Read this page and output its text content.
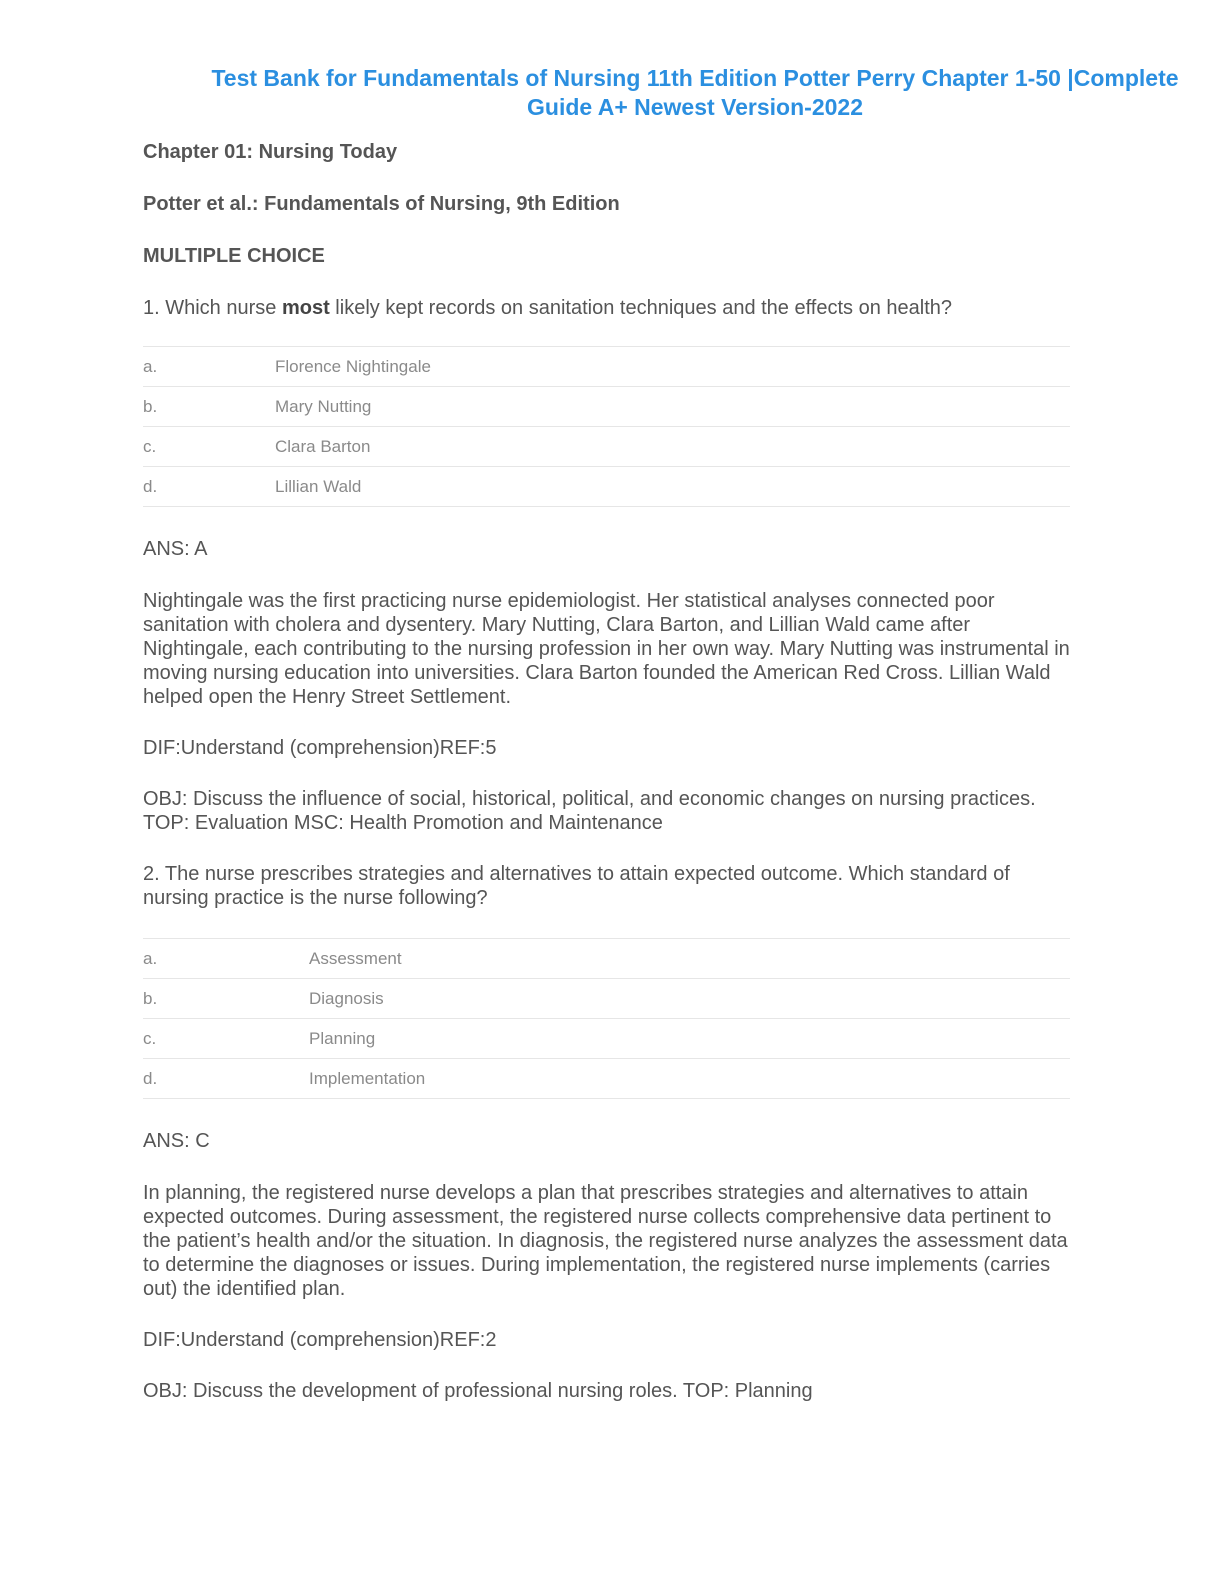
Test Bank for Fundamentals of Nursing 11th Edition Potter Perry Chapter 1-50 |Complete Guide A+ Newest Version-2022

Chapter 01: Nursing Today

Potter et al.: Fundamentals of Nursing, 9th Edition

MULTIPLE CHOICE

1. Which nurse most likely kept records on sanitation techniques and the effects on health?

a.	Florence Nightingale
b.	Mary Nutting
c.	Clara Barton
d.	Lillian Wald

ANS: A

Nightingale was the first practicing nurse epidemiologist. Her statistical analyses connected poor sanitation with cholera and dysentery. Mary Nutting, Clara Barton, and Lillian Wald came after Nightingale, each contributing to the nursing profession in her own way. Mary Nutting was instrumental in moving nursing education into universities. Clara Barton founded the American Red Cross. Lillian Wald helped open the Henry Street Settlement.

DIF:Understand (comprehension)REF:5

OBJ: Discuss the influence of social, historical, political, and economic changes on nursing practices. TOP: Evaluation MSC: Health Promotion and Maintenance

2. The nurse prescribes strategies and alternatives to attain expected outcome. Which standard of nursing practice is the nurse following?

a.	Assessment
b.	Diagnosis
c.	Planning
d.	Implementation

ANS: C

In planning, the registered nurse develops a plan that prescribes strategies and alternatives to attain expected outcomes. During assessment, the registered nurse collects comprehensive data pertinent to the patient’s health and/or the situation. In diagnosis, the registered nurse analyzes the assessment data to determine the diagnoses or issues. During implementation, the registered nurse implements (carries out) the identified plan.

DIF:Understand (comprehension)REF:2

OBJ: Discuss the development of professional nursing roles. TOP: Planning
